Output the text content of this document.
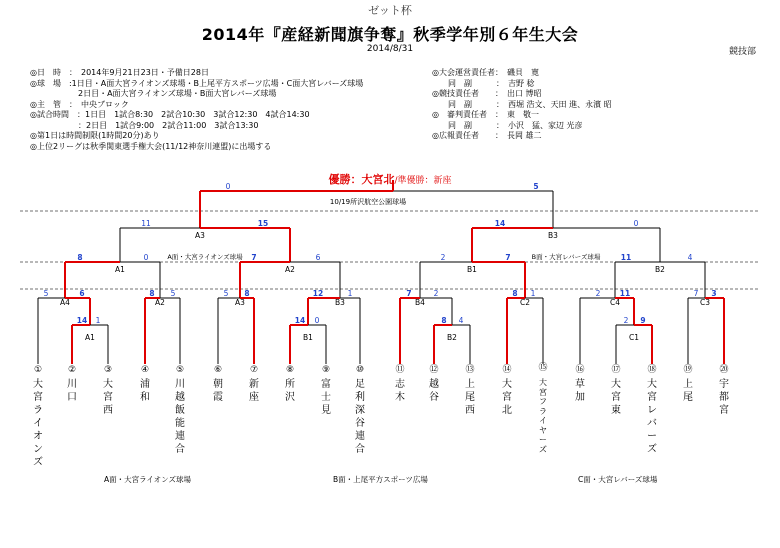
ゼット杯
2014年『産経新聞旗争奪』秋季学年別６年生大会
2014/8/31	競技部
◎日　時　：　2014年9月21日23日・予備日28日
◎球　場　:1日目・A面大宮ライオンズ球場・B上尾平方スポーツ広場・C面大宮レバーズ球場
　　　　　　2日目・A面大宮ライオンズ球場・B面大宮レバーズ球場
◎主　管　：　中央ブロック
◎試合時間　：1日目　1試合8:30　2試合10:30　3試合12:30　4試合14:30
　　　　　　：2日目　1試合9:00　2試合11:00　3試合13:30
◎第1日は時間制限(1時間20分)あり
◎上位2リーグは秋季関東選手権大会(11/12神奈川連盟)に出場する
◎大会運営責任者：　磯貝　寛
　　同　副　　　：　吉野 稔
◎競技責任者　　：　出口 博昭
　　同　副　　　：　西堀 浩文、天田 進、永濱 昭
◎　審判責任者　：　東　敬一
　　同　副　　　：　小沢　猛、家辺 光彦
◎広報責任者　　：　長岡 雄二
優勝：大宮北/準優勝：新座
10/19所沢航空公園球場
A3	B3
A1	A2	B1	B2
A4	A2	A3	B3	B4	C2	C4	C3
A1	B1	B2	C1
A面・大宮ライオンズ球場	B面・大宮レバーズ球場
0	5
11	15	14	0
8	0	7	6	2	7	11	4
5	6	8 5	5 8	12	1	7	2	8 1	2	11	7 3
14 1	14 0	8 4	2 9
①
大宮ライオンズ
②
川口
③
大宮西
④
浦和
⑤
川越飯能連合
⑥
朝霞
⑦
新座
⑧
所沢
⑨
富士見
⑩
足利深谷連合
⑪
志木
⑫
越谷
⑬
上尾西
⑭
大宮北
⑮
大宮フライヤーズ
⑯
草加
⑰
大宮東
⑱
大宮レバーズ
⑲
上尾
⑳
宇都宮
A面・大宮ライオンズ球場	B面・上尾平方スポーツ広場	C面・大宮レバーズ球場
